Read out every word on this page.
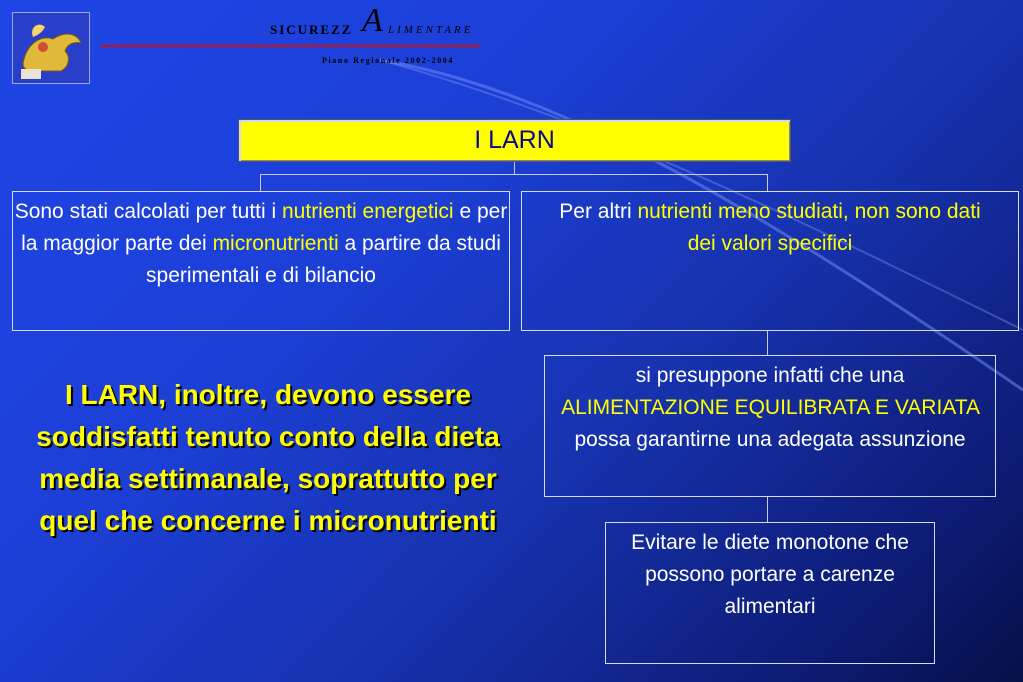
SICUREZZ A LIMENTARE
Piano Regionale 2002-2004
I LARN
Sono stati calcolati per tutti i nutrienti energetici e per la maggior parte dei micronutrienti a partire da studi sperimentali e di bilancio
Per altri nutrienti meno studiati, non sono dati dei valori specifici
si presuppone infatti che una ALIMENTAZIONE EQUILIBRATA E VARIATA possa garantirne una adegata assunzione
Evitare le diete monotone che possono portare a carenze alimentari
I LARN, inoltre, devono essere soddisfatti tenuto conto della dieta media settimanale, soprattutto per quel che concerne i micronutrienti
